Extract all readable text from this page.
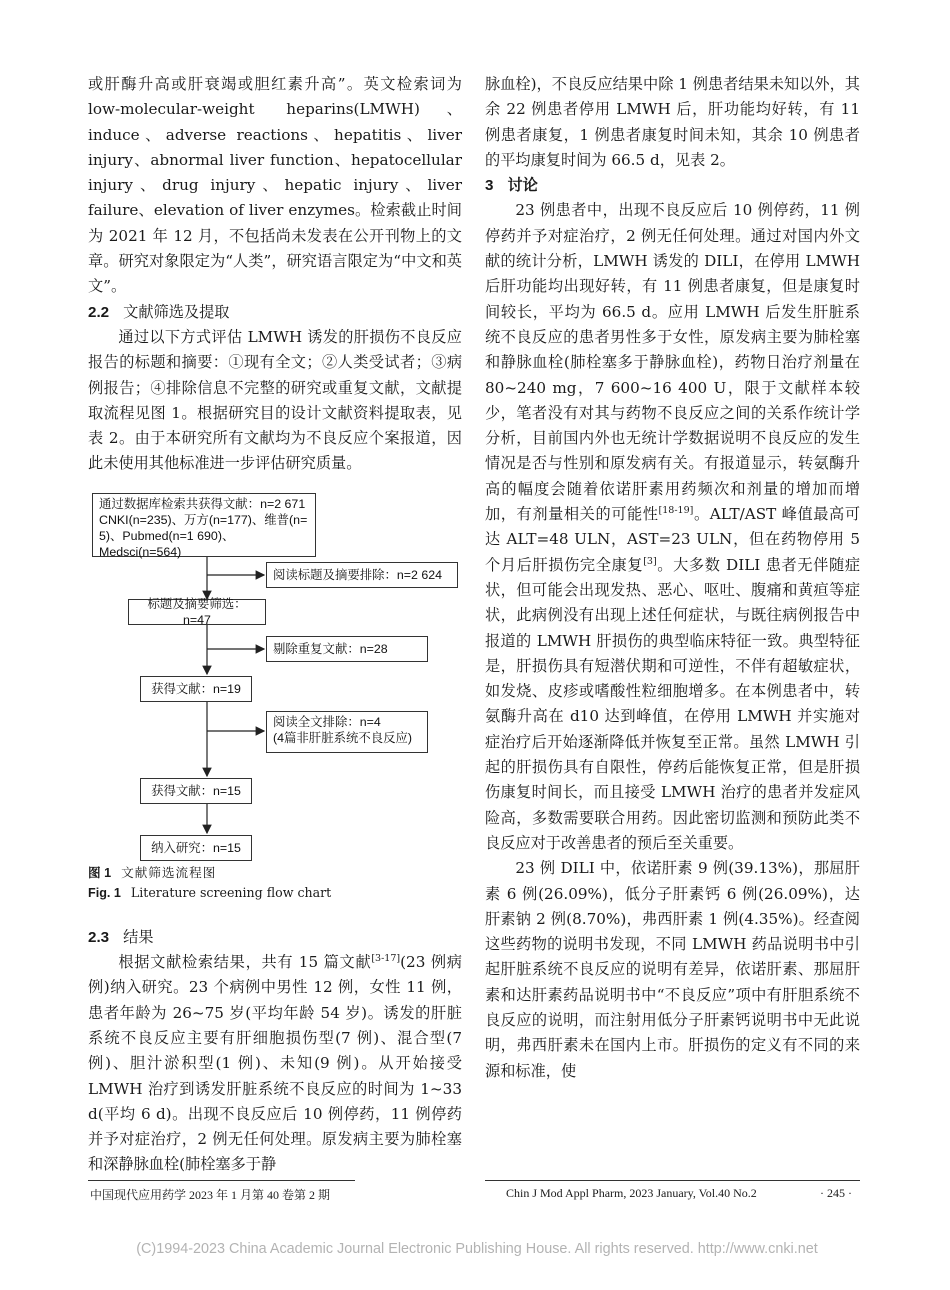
或肝酶升高或肝衰竭或胆红素升高”。英文检索词为 low-molecular-weight heparins(LMWH)、induce、adverse reactions、hepatitis、liver injury、abnormal liver function、hepatocellular injury、drug injury、hepatic injury、liver failure、elevation of liver enzymes。检索截止时间为 2021 年 12 月，不包括尚未发表在公开刊物上的文章。研究对象限定为“人类”，研究语言限定为“中文和英文”。

2.2 文献筛选及提取

通过以下方式评估 LMWH 诱发的肝损伤不良反应报告的标题和摘要：①现有全文；②人类受试者；③病例报告；④排除信息不完整的研究或重复文献，文献提取流程见图 1。根据研究目的设计文献资料提取表，见表 2。由于本研究所有文献均为不良反应个案报道，因此未使用其他标准进一步评估研究质量。

通过数据库检索共获得文献：n=2 671
CNKI(n=235)、万方(n=177)、维普(n=
5)、Pubmed(n=1 690)、Medsci(n=564)
阅读标题及摘要排除：n=2 624
标题及摘要筛选：n=47
剔除重复文献：n=28
获得文献：n=19
阅读全文排除：n=4
(4篇非肝脏系统不良反应)
获得文献：n=15
纳入研究：n=15
图 1 文献筛选流程图
Fig. 1 Literature screening flow chart

2.3 结果

根据文献检索结果，共有 15 篇文献[3-17](23 例病例)纳入研究。23 个病例中男性 12 例，女性 11 例，患者年龄为 26~75 岁(平均年龄 54 岁)。诱发的肝脏系统不良反应主要有肝细胞损伤型(7 例)、混合型(7 例)、胆汁淤积型(1 例)、未知(9 例)。从开始接受 LMWH 治疗到诱发肝脏系统不良反应的时间为 1~33 d(平均 6 d)。出现不良反应后 10 例停药，11 例停药并予对症治疗，2 例无任何处理。原发病主要为肺栓塞和深静脉血栓(肺栓塞多于静

脉血栓)，不良反应结果中除 1 例患者结果未知以外，其余 22 例患者停用 LMWH 后，肝功能均好转，有 11 例患者康复，1 例患者康复时间未知，其余 10 例患者的平均康复时间为 66.5 d，见表 2。

3 讨论

23 例患者中，出现不良反应后 10 例停药，11 例停药并予对症治疗，2 例无任何处理。通过对国内外文献的统计分析，LMWH 诱发的 DILI，在停用 LMWH 后肝功能均出现好转，有 11 例患者康复，但是康复时间较长，平均为 66.5 d。应用 LMWH 后发生肝脏系统不良反应的患者男性多于女性，原发病主要为肺栓塞和静脉血栓(肺栓塞多于静脉血栓)，药物日治疗剂量在 80~240 mg，7 600~16 400 U，限于文献样本较少，笔者没有对其与药物不良反应之间的关系作统计学分析，目前国内外也无统计学数据说明不良反应的发生情况是否与性别和原发病有关。有报道显示，转氨酶升高的幅度会随着依诺肝素用药频次和剂量的增加而增加，有剂量相关的可能性[18-19]。ALT/AST 峰值最高可达 ALT=48 ULN，AST=23 ULN，但在药物停用 5 个月后肝损伤完全康复[3]。大多数 DILI 患者无伴随症状，但可能会出现发热、恶心、呕吐、腹痛和黄疸等症状，此病例没有出现上述任何症状，与既往病例报告中报道的 LMWH 肝损伤的典型临床特征一致。典型特征是，肝损伤具有短潜伏期和可逆性，不伴有超敏症状，如发烧、皮疹或嗜酸性粒细胞增多。在本例患者中，转氨酶升高在 d10 达到峰值，在停用 LMWH 并实施对症治疗后开始逐渐降低并恢复至正常。虽然 LMWH 引起的肝损伤具有自限性，停药后能恢复正常，但是肝损伤康复时间长，而且接受 LMWH 治疗的患者并发症风险高，多数需要联合用药。因此密切监测和预防此类不良反应对于改善患者的预后至关重要。

23 例 DILI 中，依诺肝素 9 例(39.13%)，那屈肝素 6 例(26.09%)，低分子肝素钙 6 例(26.09%)，达肝素钠 2 例(8.70%)，弗西肝素 1 例(4.35%)。经查阅这些药物的说明书发现，不同 LMWH 药品说明书中引起肝脏系统不良反应的说明有差异，依诺肝素、那屈肝素和达肝素药品说明书中“不良反应”项中有肝胆系统不良反应的说明，而注射用低分子肝素钙说明书中无此说明，弗西肝素未在国内上市。肝损伤的定义有不同的来源和标准，使

中国现代应用药学 2023 年 1 月第 40 卷第 2 期	Chin J Mod Appl Pharm, 2023 January, Vol.40 No.2	· 245 ·
(C)1994-2023 China Academic Journal Electronic Publishing House. All rights reserved. http://www.cnki.net
